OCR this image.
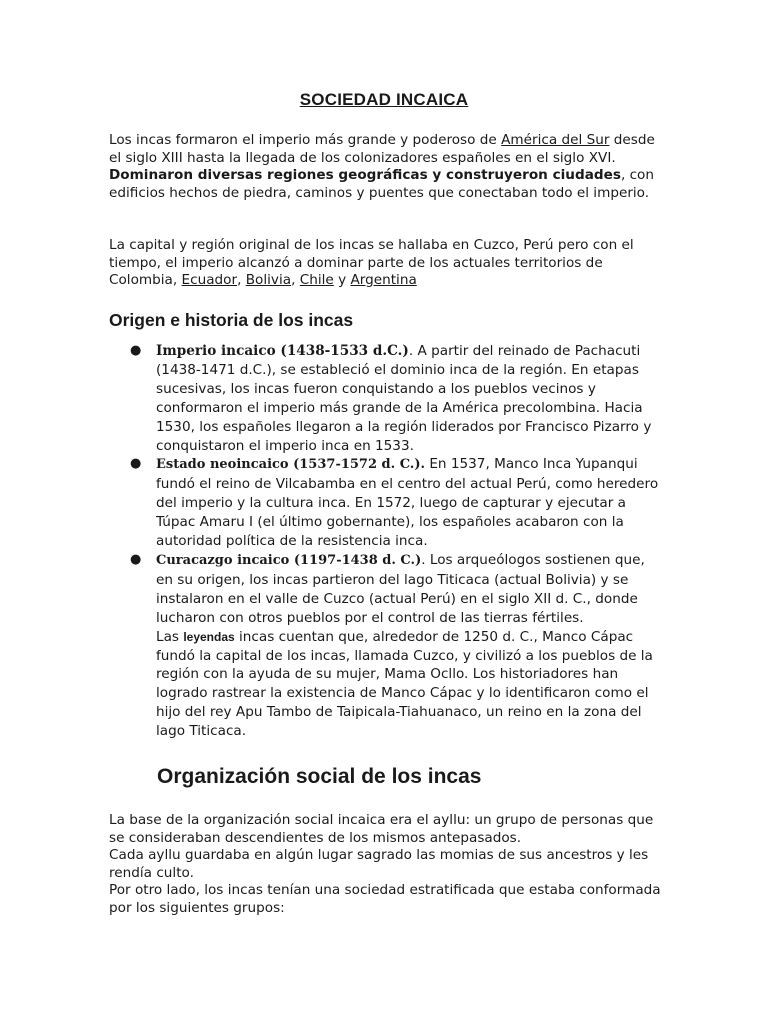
SOCIEDAD INCAICA
Los incas formaron el imperio más grande y poderoso de América del Sur desde el siglo XIII hasta la llegada de los colonizadores españoles en el siglo XVI. Dominaron diversas regiones geográficas y construyeron ciudades, con edificios hechos de piedra, caminos y puentes que conectaban todo el imperio.
La capital y región original de los incas se hallaba en Cuzco, Perú pero con el tiempo, el imperio alcanzó a dominar parte de los actuales territorios de Colombia, Ecuador, Bolivia, Chile y Argentina
Origen e historia de los incas
● Imperio incaico (1438-1533 d.C.). A partir del reinado de Pachacuti (1438-1471 d.C.), se estableció el dominio inca de la región. En etapas sucesivas, los incas fueron conquistando a los pueblos vecinos y conformaron el imperio más grande de la América precolombina. Hacia 1530, los españoles llegaron a la región liderados por Francisco Pizarro y conquistaron el imperio inca en 1533.
● Estado neoincaico (1537-1572 d. C.). En 1537, Manco Inca Yupanqui fundó el reino de Vilcabamba en el centro del actual Perú, como heredero del imperio y la cultura inca. En 1572, luego de capturar y ejecutar a Túpac Amaru I (el último gobernante), los españoles acabaron con la autoridad política de la resistencia inca.
● Curacazgo incaico (1197-1438 d. C.). Los arqueólogos sostienen que, en su origen, los incas partieron del lago Titicaca (actual Bolivia) y se instalaron en el valle de Cuzco (actual Perú) en el siglo XII d. C., donde lucharon con otros pueblos por el control de las tierras fértiles.
Las leyendas incas cuentan que, alrededor de 1250 d. C., Manco Cápac fundó la capital de los incas, llamada Cuzco, y civilizó a los pueblos de la región con la ayuda de su mujer, Mama Ocllo. Los historiadores han logrado rastrear la existencia de Manco Cápac y lo identificaron como el hijo del rey Apu Tambo de Taipicala-Tiahuanaco, un reino en la zona del lago Titicaca.
Organización social de los incas
La base de la organización social incaica era el ayllu: un grupo de personas que se consideraban descendientes de los mismos antepasados.
Cada ayllu guardaba en algún lugar sagrado las momias de sus ancestros y les rendía culto.
Por otro lado, los incas tenían una sociedad estratificada que estaba conformada por los siguientes grupos:
